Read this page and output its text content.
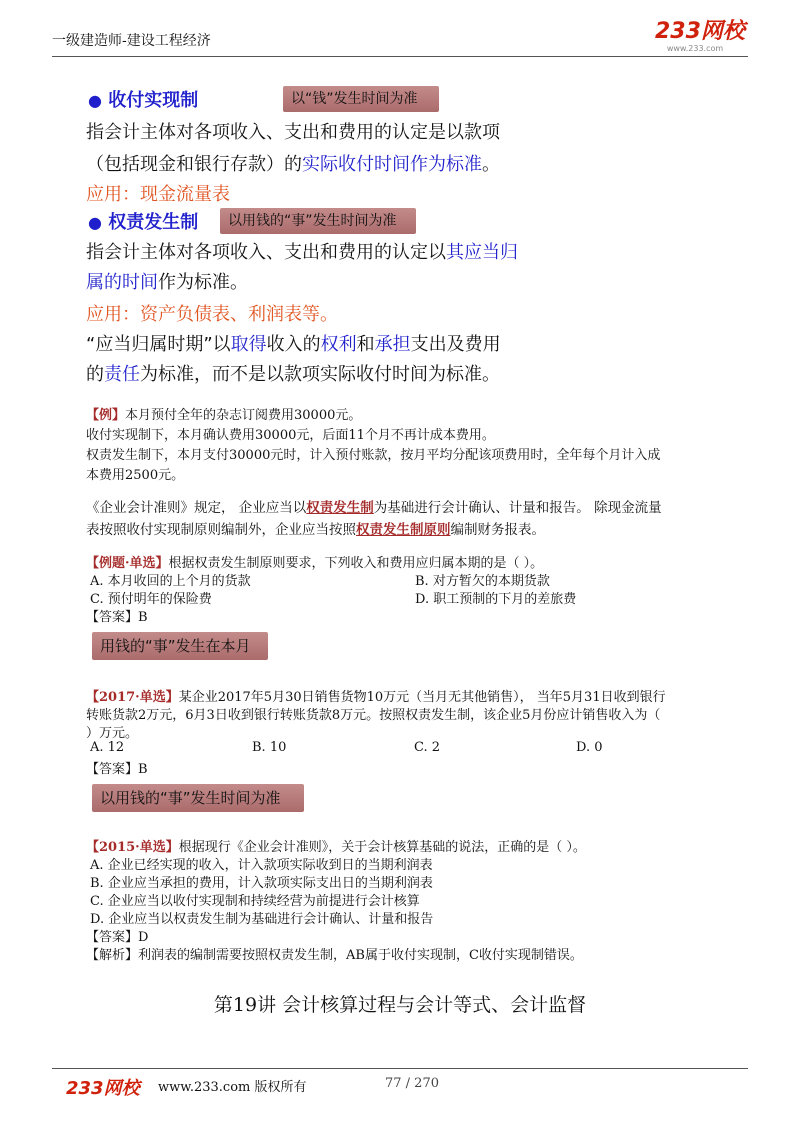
一级建造师-建设工程经济	233网校
www.233.com
● 收付实现制	以“钱”发生时间为准
指会计主体对各项收入、支出和费用的认定是以款项
（包括现金和银行存款）的实际收付时间作为标准。
应用：现金流量表
● 权责发生制	以用钱的“事”发生时间为准
指会计主体对各项收入、支出和费用的认定以其应当归
属的时间作为标准。
应用：资产负债表、利润表等。
“应当归属时期”以取得收入的权利和承担支出及费用
的责任为标准，而不是以款项实际收付时间为标准。
【例】本月预付全年的杂志订阅费用30000元。
收付实现制下，本月确认费用30000元，后面11个月不再计成本费用。
权责发生制下，本月支付30000元时，计入预付账款，按月平均分配该项费用时，全年每个月计入成
本费用2500元。
《企业会计准则》规定， 企业应当以权责发生制为基础进行会计确认、计量和报告。 除现金流量
表按照收付实现制原则编制外，企业应当按照权责发生制原则编制财务报表。
【例题·单选】根据权责发生制原则要求，下列收入和费用应归属本期的是（ ）。
A. 本月收回的上个月的货款	B. 对方暂欠的本期货款
C. 预付明年的保险费	D. 职工预制的下月的差旅费
【答案】B
用钱的“事”发生在本月
【2017·单选】某企业2017年5月30日销售货物10万元（当月无其他销售）， 当年5月31日收到银行
转账货款2万元，6月3日收到银行转账货款8万元。按照权责发生制，该企业5月份应计销售收入为（
）万元。
A. 12	B. 10	C. 2	D. 0
【答案】B
以用钱的“事”发生时间为准
【2015·单选】根据现行《企业会计准则》，关于会计核算基础的说法，正确的是（ ）。
A. 企业已经实现的收入，计入款项实际收到日的当期利润表
B. 企业应当承担的费用，计入款项实际支出日的当期利润表
C. 企业应当以收付实现制和持续经营为前提进行会计核算
D. 企业应当以权责发生制为基础进行会计确认、计量和报告
【答案】D
【解析】利润表的编制需要按照权责发生制，AB属于收付实现制，C收付实现制错误。
第19讲 会计核算过程与会计等式、会计监督
233网校 www.233.com 版权所有	77 / 270
